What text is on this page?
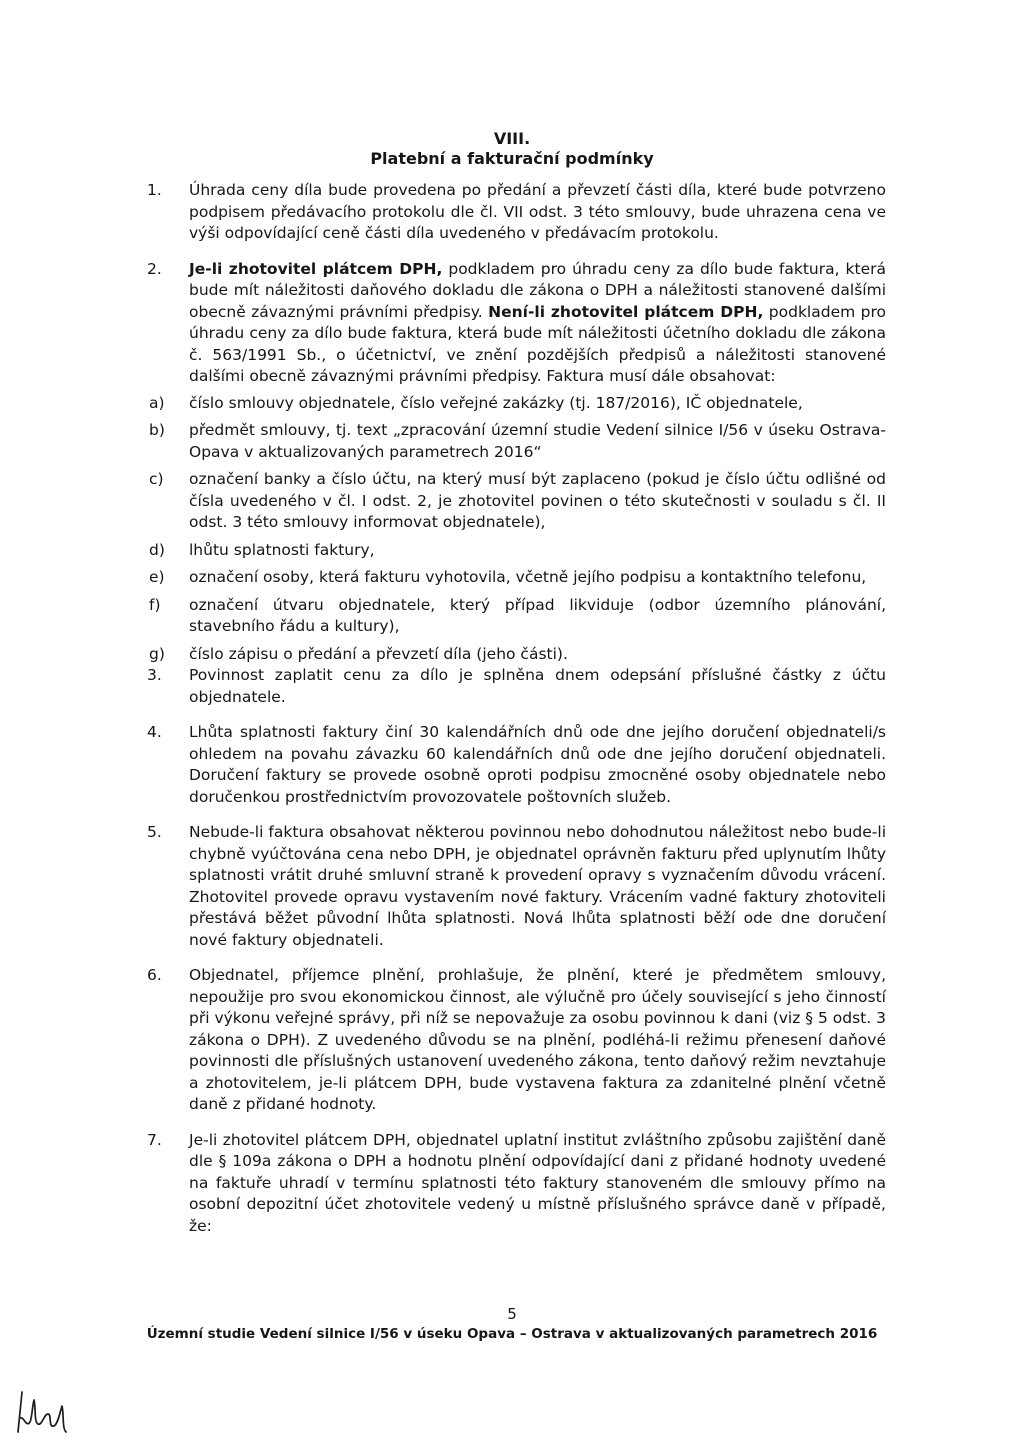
VIII.
Platební a fakturační podmínky
1. Úhrada ceny díla bude provedena po předání a převzetí části díla, které bude potvrzeno podpisem předávacího protokolu dle čl. VII odst. 3 této smlouvy, bude uhrazena cena ve výši odpovídající ceně části díla uvedeného v předávacím protokolu.
2. Je-li zhotovitel plátcem DPH, podkladem pro úhradu ceny za dílo bude faktura, která bude mít náležitosti daňového dokladu dle zákona o DPH a náležitosti stanovené dalšími obecně závaznými právními předpisy. Není-li zhotovitel plátcem DPH, podkladem pro úhradu ceny za dílo bude faktura, která bude mít náležitosti účetního dokladu dle zákona č. 563/1991 Sb., o účetnictví, ve znění pozdějších předpisů a náležitosti stanovené dalšími obecně závaznými právními předpisy. Faktura musí dále obsahovat:
a) číslo smlouvy objednatele, číslo veřejné zakázky (tj. 187/2016), IČ objednatele,
b) předmět smlouvy, tj. text „zpracování územní studie Vedení silnice I/56 v úseku Ostrava-Opava v aktualizovaných parametrech 2016“
c) označení banky a číslo účtu, na který musí být zaplaceno (pokud je číslo účtu odlišné od čísla uvedeného v čl. I odst. 2, je zhotovitel povinen o této skutečnosti v souladu s čl. II odst. 3 této smlouvy informovat objednatele),
d) lhůtu splatnosti faktury,
e) označení osoby, která fakturu vyhotovila, včetně jejího podpisu a kontaktního telefonu,
f) označení útvaru objednatele, který případ likviduje (odbor územního plánování, stavebního řádu a kultury),
g) číslo zápisu o předání a převzetí díla (jeho části).
3. Povinnost zaplatit cenu za dílo je splněna dnem odepsání příslušné částky z účtu objednatele.
4. Lhůta splatnosti faktury činí 30 kalendářních dnů ode dne jejího doručení objednateli/s ohledem na povahu závazku 60 kalendářních dnů ode dne jejího doručení objednateli. Doručení faktury se provede osobně oproti podpisu zmocněné osoby objednatele nebo doručenkou prostřednictvím provozovatele poštovních služeb.
5. Nebude-li faktura obsahovat některou povinnou nebo dohodnutou náležitost nebo bude-li chybně vyúčtována cena nebo DPH, je objednatel oprávněn fakturu před uplynutím lhůty splatnosti vrátit druhé smluvní straně k provedení opravy s vyznačením důvodu vrácení. Zhotovitel provede opravu vystavením nové faktury. Vrácením vadné faktury zhotoviteli přestává běžet původní lhůta splatnosti. Nová lhůta splatnosti běží ode dne doručení nové faktury objednateli.
6. Objednatel, příjemce plnění, prohlašuje, že plnění, které je předmětem smlouvy, nepoužije pro svou ekonomickou činnost, ale výlučně pro účely související s jeho činností při výkonu veřejné správy, při níž se nepovažuje za osobu povinnou k dani (viz § 5 odst. 3 zákona o DPH). Z uvedeného důvodu se na plnění, podléhá-li režimu přenesení daňové povinnosti dle příslušných ustanovení uvedeného zákona, tento daňový režim nevztahuje a zhotovitelem, je-li plátcem DPH, bude vystavena faktura za zdanitelné plnění včetně daně z přidané hodnoty.
7. Je-li zhotovitel plátcem DPH, objednatel uplatní institut zvláštního způsobu zajištění daně dle § 109a zákona o DPH a hodnotu plnění odpovídající dani z přidané hodnoty uvedené na faktuře uhradí v termínu splatnosti této faktury stanoveném dle smlouvy přímo na osobní depozitní účet zhotovitele vedený u místně příslušného správce daně v případě, že:
5
Územní studie Vedení silnice I/56 v úseku Opava – Ostrava v aktualizovaných parametrech 2016
